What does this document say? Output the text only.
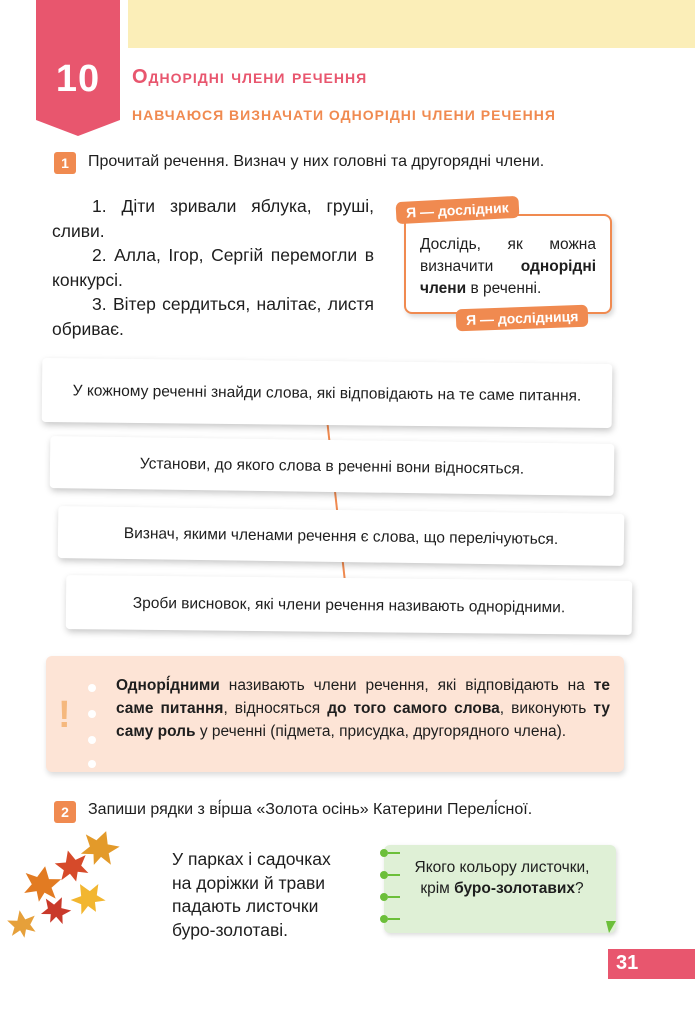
10	Однорідні члени речення
НАВЧАЮСЯ ВИЗНАЧАТИ ОДНОРІДНІ ЧЛЕНИ РЕЧЕННЯ
1	Прочитай речення. Визнач у них головні та другорядні члени.

1. Діти зривали яблука, груші, сливи.

2. Алла, Ігор, Сергій перемогли в конкурсі.

3. Вітер сердиться, налітає, листя обриває.

Дослідь, як можна визначити однорідні члени в реченні.
Я — дослідник
Я — дослідниця
У кожному реченні знайди слова, які відповідають на те саме питання.
Установи, до якого слова в реченні вони відносяться.
Визнач, якими членами речення є слова, що перелічуються.
Зроби висновок, які члени речення називають однорідними.
Однорі́дними називають члени речення, які відповідають на те саме питання, відносяться до того самого слова, виконують ту саму роль у реченні (підмета, присудка, другорядного члена).
!
2	Запиши рядки з ві́рша «Золота осінь» Катерини Перелі́сної.
У парках і садочках
на доріжки й трави
падають листочки
буро-золотаві.
Якого кольору листочки, крім буро-золотавих?
31
